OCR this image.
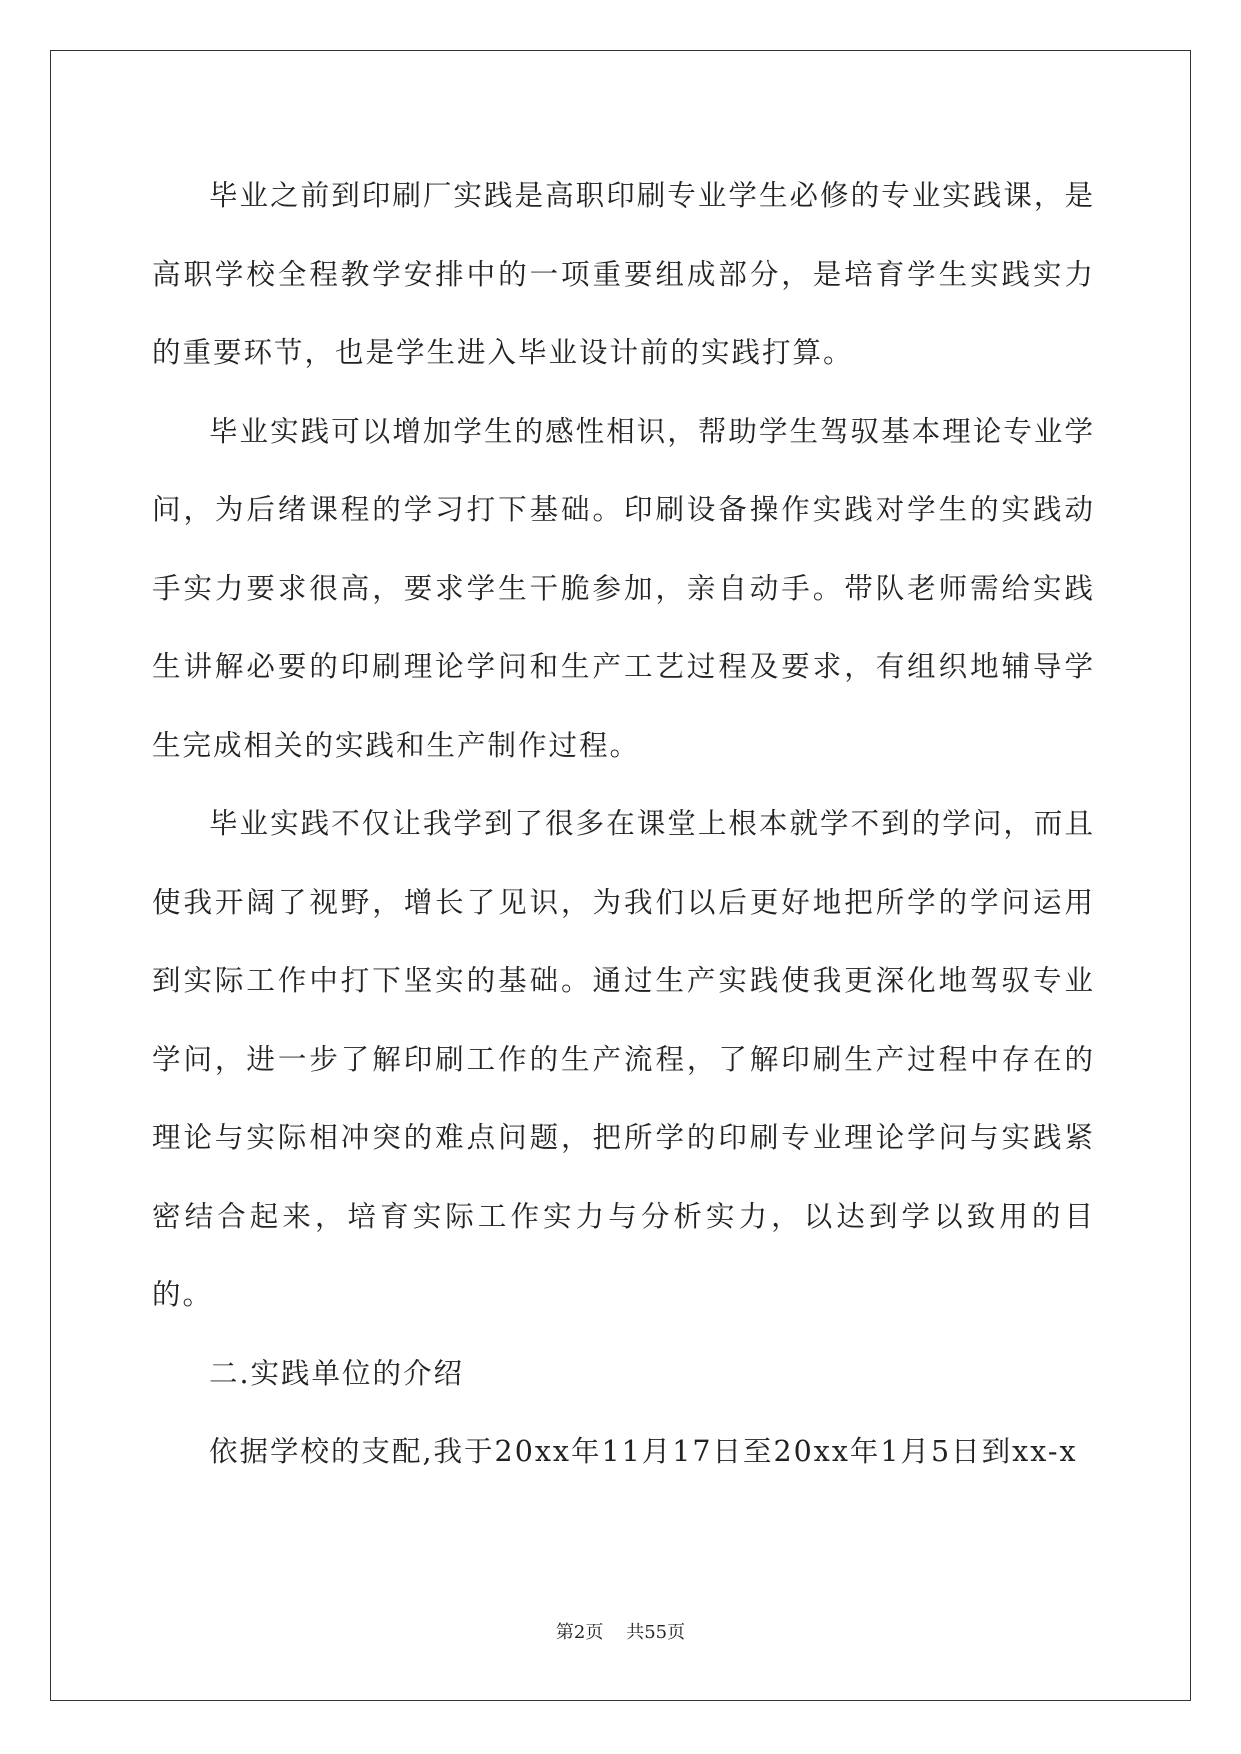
毕业之前到印刷厂实践是高职印刷专业学生必修的专业实践课，是高职学校全程教学安排中的一项重要组成部分，是培育学生实践实力的重要环节，也是学生进入毕业设计前的实践打算。

毕业实践可以增加学生的感性相识，帮助学生驾驭基本理论专业学问，为后绪课程的学习打下基础。印刷设备操作实践对学生的实践动手实力要求很高，要求学生干脆参加，亲自动手。带队老师需给实践生讲解必要的印刷理论学问和生产工艺过程及要求，有组织地辅导学生完成相关的实践和生产制作过程。

毕业实践不仅让我学到了很多在课堂上根本就学不到的学问，而且使我开阔了视野，增长了见识，为我们以后更好地把所学的学问运用到实际工作中打下坚实的基础。通过生产实践使我更深化地驾驭专业学问，进一步了解印刷工作的生产流程，了解印刷生产过程中存在的理论与实际相冲突的难点问题，把所学的印刷专业理论学问与实践紧密结合起来，培育实际工作实力与分析实力，以达到学以致用的目的。

二.实践单位的介绍

依据学校的支配,我于20xx年11月17日至20xx年1月5日到xx-x

第2页 共55页
